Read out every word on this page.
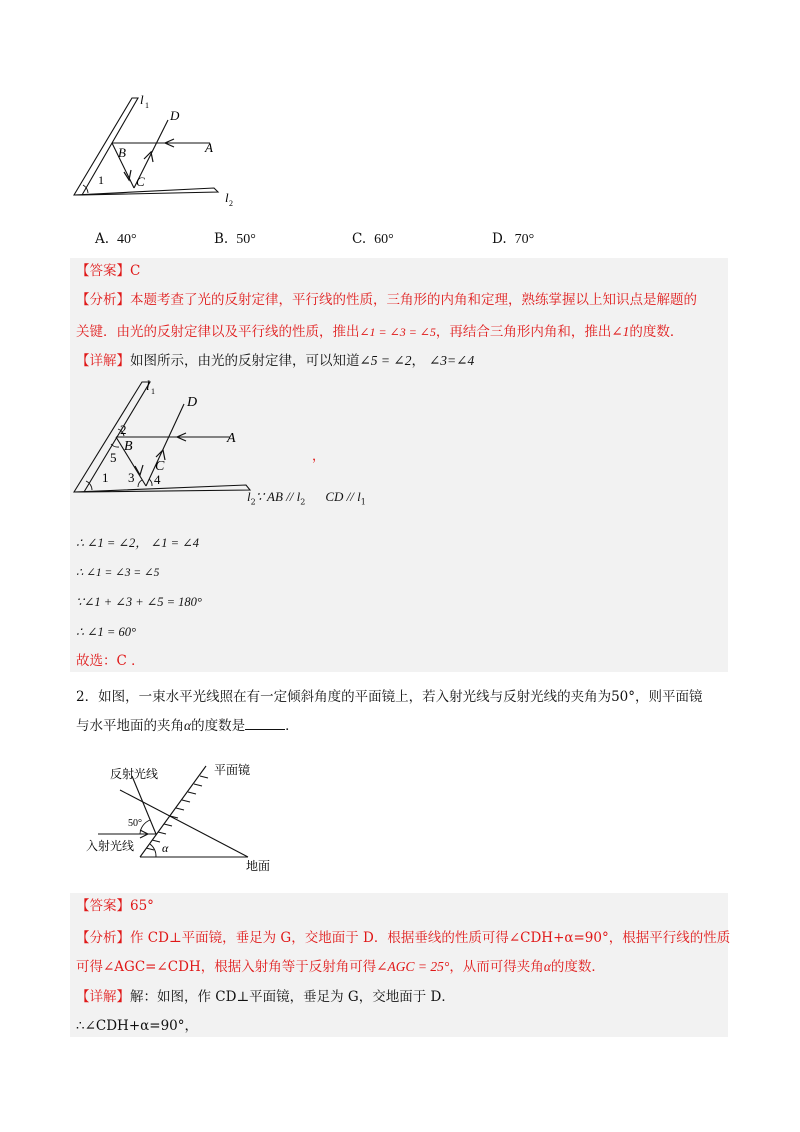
l 1
l 2
D
A
B
C
1
A. 40°	B. 50°	C. 60°	D. 70°
【答案】C
【分析】本题考查了光的反射定律，平行线的性质，三角形的内角和定理，熟练掌握以上知识点是解题的
关键．由光的反射定律以及平行线的性质，推出∠1 = ∠3 = ∠5，再结合三角形内角和，推出∠1的度数．
【详解】如图所示，由光的反射定律，可以知道∠5 = ∠2， ∠3=∠4
l 1
D
A
2
B
5
C
1 3 4
，
$l_2\because$ AB // $l_2$ CD // $l_1$
∴ ∠1 = ∠2， ∠1 = ∠4
∴ ∠1 = ∠3 = ∠5
∵∠1 + ∠3 + ∠5 = 180°
∴ ∠1 = 60°
故选：C ．
2．如图，一束水平光线照在有一定倾斜角度的平面镜上，若入射光线与反射光线的夹角为50°，则平面镜
与水平地面的夹角α的度数是	．
反射光线	平面镜
50°
入射光线 α
地面
【答案】65°
【分析】作 CD⊥平面镜，垂足为 G，交地面于 D．根据垂线的性质可得∠CDH+α=90°，根据平行线的性质
可得∠AGC=∠CDH，根据入射角等于反射角可得∠AGC = 25°，从而可得夹角α的度数．
【详解】解：如图，作 CD⊥平面镜，垂足为 G，交地面于 D．
∴∠CDH+α=90°，
